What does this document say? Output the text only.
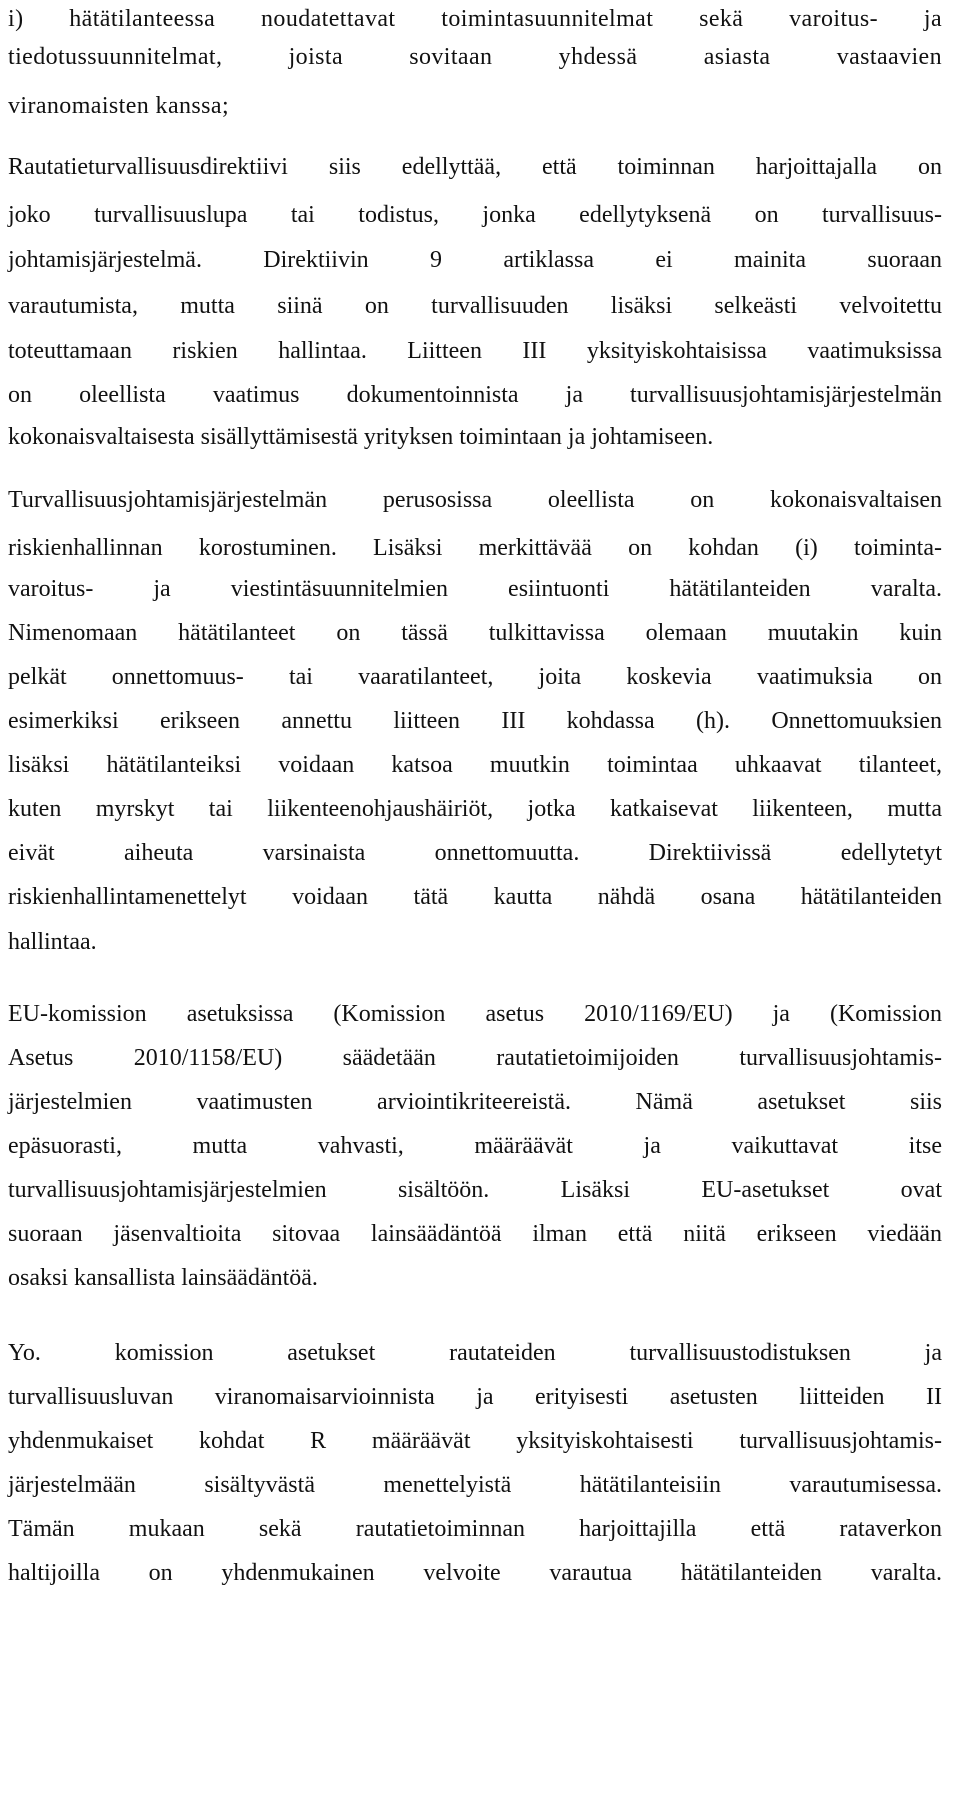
i) hätätilanteessa noudatettavat toimintasuunnitelmat sekä varoitus- ja

tiedotussuunnitelmat, joista sovitaan yhdessä asiasta vastaavien

viranomaisten kanssa;

Rautatieturvallisuusdirektiivi siis edellyttää, että toiminnan harjoittajalla on

joko turvallisuuslupa tai todistus, jonka edellytyksenä on turvallisuus-

johtamisjärjestelmä. Direktiivin 9 artiklassa ei mainita suoraan

varautumista, mutta siinä on turvallisuuden lisäksi selkeästi velvoitettu

toteuttamaan riskien hallintaa. Liitteen III yksityiskohtaisissa vaatimuksissa

on oleellista vaatimus dokumentoinnista ja turvallisuusjohtamisjärjestelmän

kokonaisvaltaisesta sisällyttämisestä yrityksen toimintaan ja johtamiseen.

Turvallisuusjohtamisjärjestelmän perusosissa oleellista on kokonaisvaltaisen

riskienhallinnan korostuminen. Lisäksi merkittävää on kohdan (i) toiminta-

varoitus- ja viestintäsuunnitelmien esiintuonti hätätilanteiden varalta.

Nimenomaan hätätilanteet on tässä tulkittavissa olemaan muutakin kuin

pelkät onnettomuus- tai vaaratilanteet, joita koskevia vaatimuksia on

esimerkiksi erikseen annettu liitteen III kohdassa (h). Onnettomuuksien

lisäksi hätätilanteiksi voidaan katsoa muutkin toimintaa uhkaavat tilanteet,

kuten myrskyt tai liikenteenohjaushäiriöt, jotka katkaisevat liikenteen, mutta

eivät aiheuta varsinaista onnettomuutta. Direktiivissä edellytetyt

riskienhallintamenettelyt voidaan tätä kautta nähdä osana hätätilanteiden

hallintaa.

EU-komission asetuksissa (Komission asetus 2010/1169/EU) ja (Komission

Asetus 2010/1158/EU) säädetään rautatietoimijoiden turvallisuusjohtamis-

järjestelmien vaatimusten arviointikriteereistä. Nämä asetukset siis

epäsuorasti, mutta vahvasti, määräävät ja vaikuttavat itse

turvallisuusjohtamisjärjestelmien sisältöön. Lisäksi EU-asetukset ovat

suoraan jäsenvaltioita sitovaa lainsäädäntöä ilman että niitä erikseen viedään

osaksi kansallista lainsäädäntöä.

Yo. komission asetukset rautateiden turvallisuustodistuksen ja

turvallisuusluvan viranomaisarvioinnista ja erityisesti asetusten liitteiden II

yhdenmukaiset kohdat R määräävät yksityiskohtaisesti turvallisuusjohtamis-

järjestelmään sisältyvästä menettelyistä hätätilanteisiin varautumisessa.

Tämän mukaan sekä rautatietoiminnan harjoittajilla että rataverkon

haltijoilla on yhdenmukainen velvoite varautua hätätilanteiden varalta.
